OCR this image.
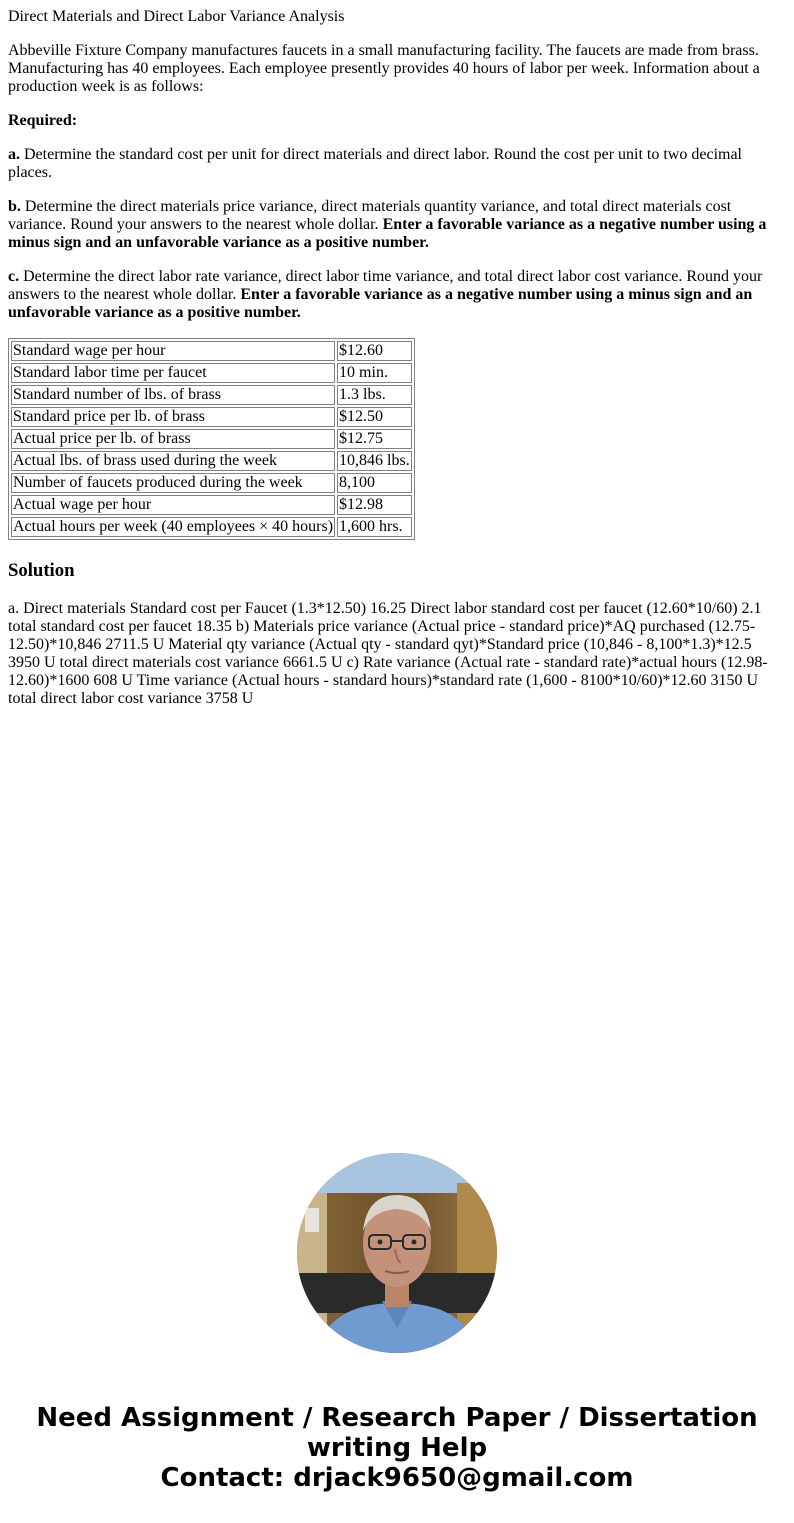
Direct Materials and Direct Labor Variance Analysis

Abbeville Fixture Company manufactures faucets in a small manufacturing facility. The faucets are made from brass. Manufacturing has 40 employees. Each employee presently provides 40 hours of labor per week. Information about a production week is as follows:

Required:

a. Determine the standard cost per unit for direct materials and direct labor. Round the cost per unit to two decimal places.

b. Determine the direct materials price variance, direct materials quantity variance, and total direct materials cost variance. Round your answers to the nearest whole dollar. Enter a favorable variance as a negative number using a minus sign and an unfavorable variance as a positive number.

c. Determine the direct labor rate variance, direct labor time variance, and total direct labor cost variance. Round your answers to the nearest whole dollar. Enter a favorable variance as a negative number using a minus sign and an unfavorable variance as a positive number.

Standard wage per hour	$12.60
Standard labor time per faucet	10 min.
Standard number of lbs. of brass	1.3 lbs.
Standard price per lb. of brass	$12.50
Actual price per lb. of brass	$12.75
Actual lbs. of brass used during the week	10,846 lbs.
Number of faucets produced during the week	8,100
Actual wage per hour	$12.98
Actual hours per week (40 employees × 40 hours)	1,600 hrs.
Solution

a. Direct materials Standard cost per Faucet (1.3*12.50) 16.25 Direct labor standard cost per faucet (12.60*10/60) 2.1 total standard cost per faucet 18.35 b) Materials price variance (Actual price - standard price)*AQ purchased (12.75-12.50)*10,846 2711.5 U Material qty variance (Actual qty - standard qyt)*Standard price (10,846 - 8,100*1.3)*12.5 3950 U total direct materials cost variance 6661.5 U c) Rate variance (Actual rate - standard rate)*actual hours (12.98-12.60)*1600 608 U Time variance (Actual hours - standard hours)*standard rate (1,600 - 8100*10/60)*12.60 3150 U total direct labor cost variance 3758 U

Need Assignment / Research Paper / Dissertation
writing Help
Contact: drjack9650@gmail.com
